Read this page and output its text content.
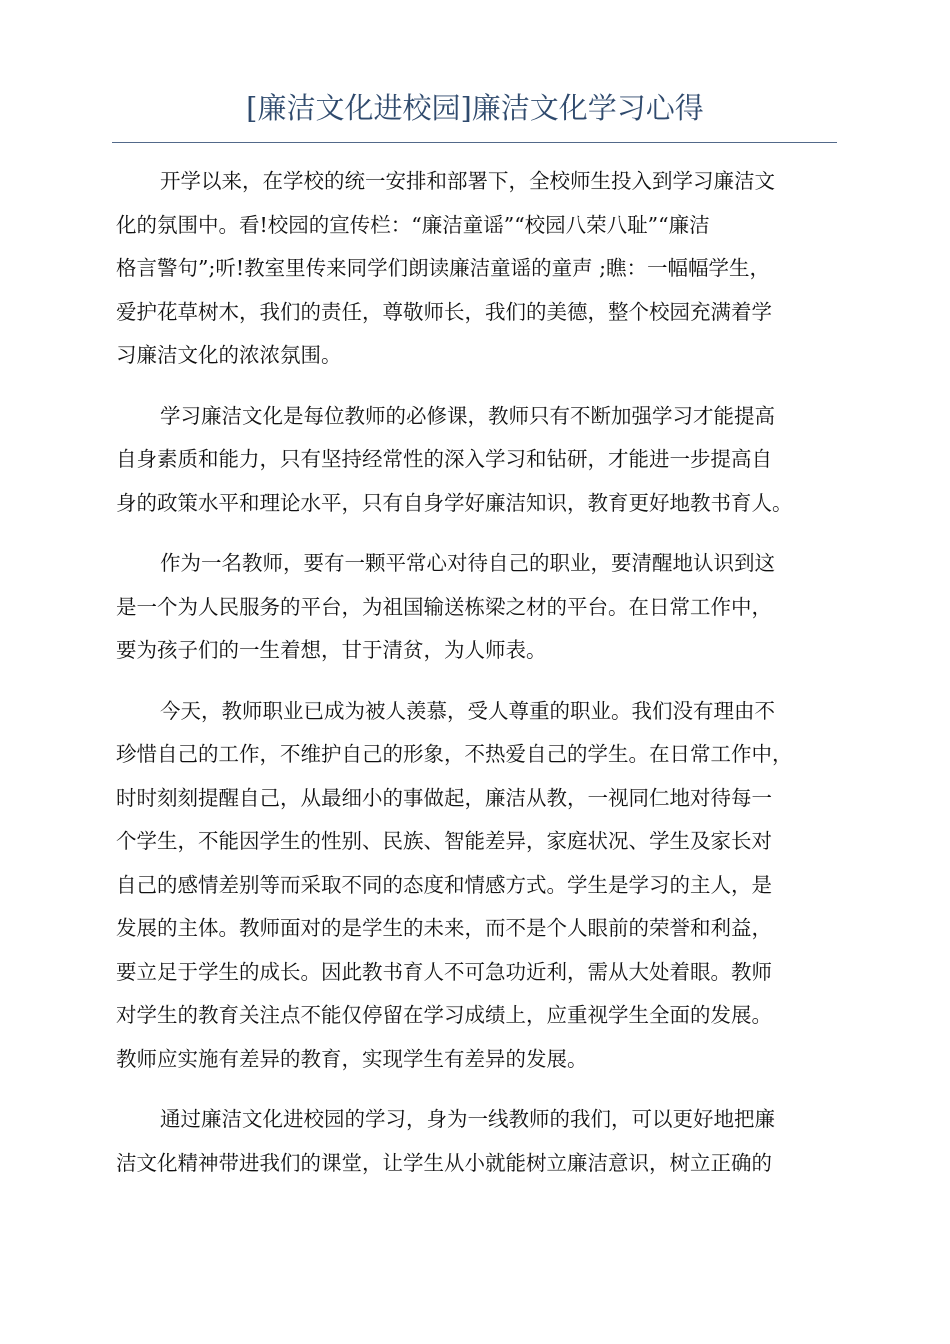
[廉洁文化进校园]廉洁文化学习心得

开学以来，在学校的统一安排和部署下，全校师生投入到学习廉洁文
化的氛围中。看!校园的宣传栏：“廉洁童谣”“校园八荣八耻”“廉洁
格言警句”;听!教室里传来同学们朗读廉洁童谣的童声 ;瞧：一幅幅学生，
爱护花草树木，我们的责任，尊敬师长，我们的美德，整个校园充满着学
习廉洁文化的浓浓氛围。

学习廉洁文化是每位教师的必修课，教师只有不断加强学习才能提高
自身素质和能力，只有坚持经常性的深入学习和钻研，才能进一步提高自
身的政策水平和理论水平，只有自身学好廉洁知识，教育更好地教书育人。

作为一名教师，要有一颗平常心对待自己的职业，要清醒地认识到这
是一个为人民服务的平台，为祖国输送栋梁之材的平台。在日常工作中，
要为孩子们的一生着想，甘于清贫，为人师表。

今天，教师职业已成为被人羡慕，受人尊重的职业。我们没有理由不
珍惜自己的工作，不维护自己的形象，不热爱自己的学生。在日常工作中，
时时刻刻提醒自己，从最细小的事做起，廉洁从教，一视同仁地对待每一
个学生，不能因学生的性别、民族、智能差异，家庭状况、学生及家长对
自己的感情差别等而采取不同的态度和情感方式。学生是学习的主人，是
发展的主体。教师面对的是学生的未来，而不是个人眼前的荣誉和利益，
要立足于学生的成长。因此教书育人不可急功近利，需从大处着眼。教师
对学生的教育关注点不能仅停留在学习成绩上，应重视学生全面的发展。
教师应实施有差异的教育，实现学生有差异的发展。

通过廉洁文化进校园的学习，身为一线教师的我们，可以更好地把廉
洁文化精神带进我们的课堂，让学生从小就能树立廉洁意识，树立正确的
